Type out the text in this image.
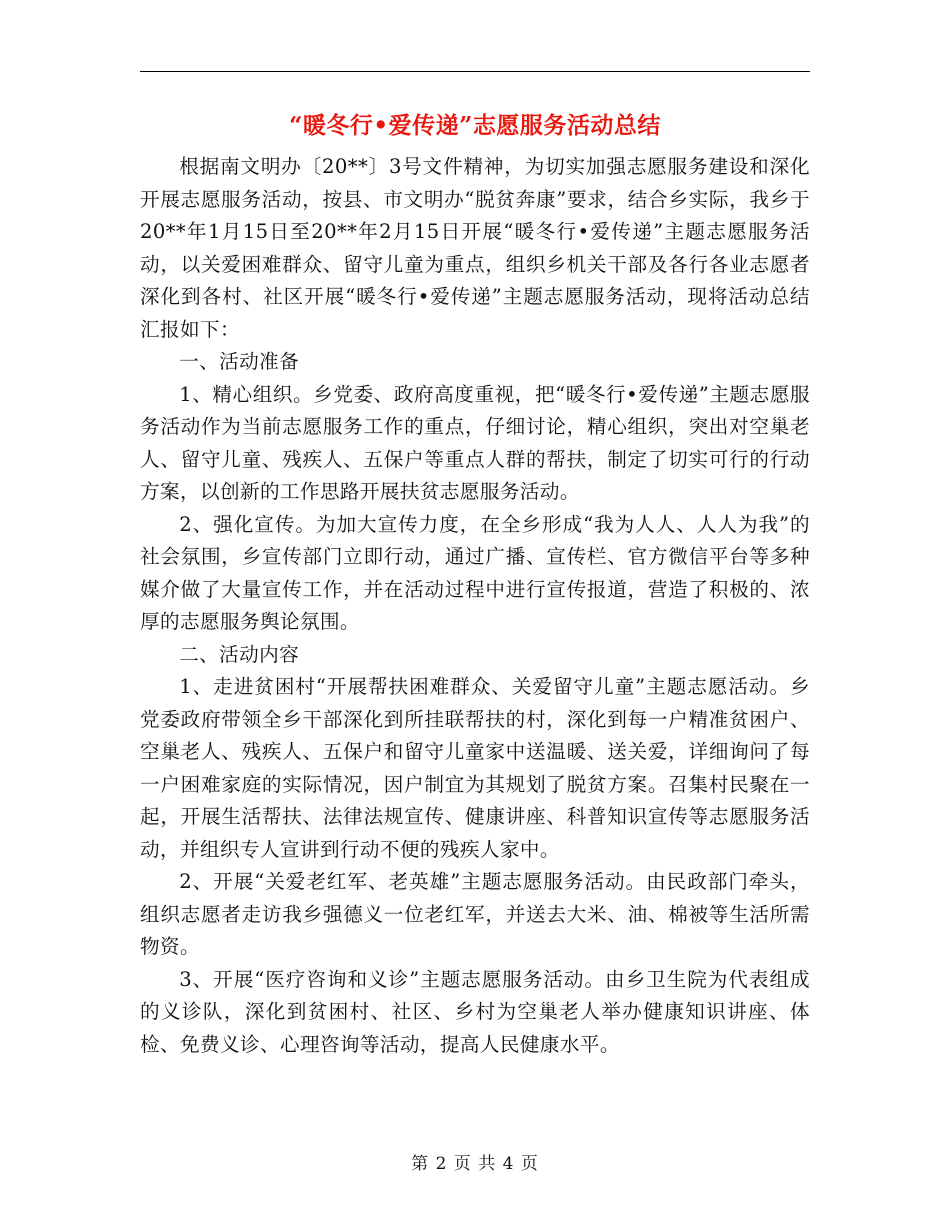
“暖冬行•爱传递”志愿服务活动总结

根据南文明办〔20**〕3号文件精神，为切实加强志愿服务建设和深化开展志愿服务活动，按县、市文明办“脱贫奔康”要求，结合乡实际，我乡于20**年1月15日至20**年2月15日开展“暖冬行•爱传递”主题志愿服务活动，以关爱困难群众、留守儿童为重点，组织乡机关干部及各行各业志愿者深化到各村、社区开展“暖冬行•爱传递”主题志愿服务活动，现将活动总结汇报如下：

一、活动准备

1、精心组织。乡党委、政府高度重视，把“暖冬行•爱传递”主题志愿服务活动作为当前志愿服务工作的重点，仔细讨论，精心组织，突出对空巢老人、留守儿童、残疾人、五保户等重点人群的帮扶，制定了切实可行的行动方案，以创新的工作思路开展扶贫志愿服务活动。

2、强化宣传。为加大宣传力度，在全乡形成“我为人人、人人为我”的社会氛围，乡宣传部门立即行动，通过广播、宣传栏、官方微信平台等多种媒介做了大量宣传工作，并在活动过程中进行宣传报道，营造了积极的、浓厚的志愿服务舆论氛围。

二、活动内容

1、走进贫困村“开展帮扶困难群众、关爱留守儿童”主题志愿活动。乡党委政府带领全乡干部深化到所挂联帮扶的村，深化到每一户精准贫困户、空巢老人、残疾人、五保户和留守儿童家中送温暖、送关爱，详细询问了每一户困难家庭的实际情况，因户制宜为其规划了脱贫方案。召集村民聚在一起，开展生活帮扶、法律法规宣传、健康讲座、科普知识宣传等志愿服务活动，并组织专人宣讲到行动不便的残疾人家中。

2、开展“关爱老红军、老英雄”主题志愿服务活动。由民政部门牵头，组织志愿者走访我乡强德义一位老红军，并送去大米、油、棉被等生活所需物资。

3、开展“医疗咨询和义诊”主题志愿服务活动。由乡卫生院为代表组成的义诊队，深化到贫困村、社区、乡村为空巢老人举办健康知识讲座、体检、免费义诊、心理咨询等活动，提高人民健康水平。

第 2 页 共 4 页
